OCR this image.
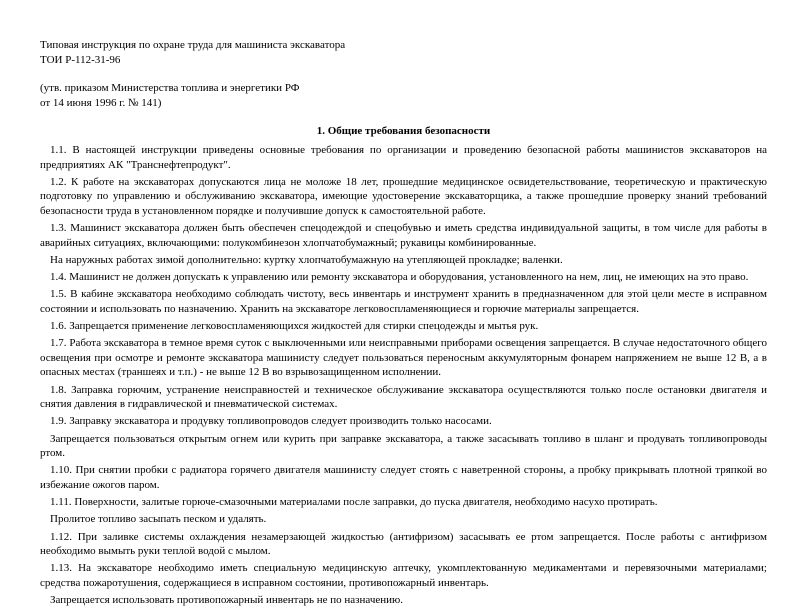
Типовая инструкция по охране труда для машиниста экскаватора

ТОИ Р-112-31-96

(утв. приказом Министерства топлива и энергетики РФ

от 14 июня 1996 г. № 141)

1. Общие требования безопасности

1.1. В настоящей инструкции приведены основные требования по организации и проведению безопасной работы машинистов экскаваторов на предприятиях АК "Транснефтепродукт".

1.2. К работе на экскаваторах допускаются лица не моложе 18 лет, прошедшие медицинское освидетельствование, теоретическую и практическую подготовку по управлению и обслуживанию экскаватора, имеющие удостоверение экскаваторщика, а также прошедшие проверку знаний требований безопасности труда в установленном порядке и получившие допуск к самостоятельной работе.

1.3. Машинист экскаватора должен быть обеспечен спецодеждой и спецобувью и иметь средства индивидуальной защиты, в том числе для работы в аварийных ситуациях, включающими: полукомбинезон хлопчатобумажный; рукавицы комбинированные.

На наружных работах зимой дополнительно: куртку хлопчатобумажную на утепляющей прокладке; валенки.

1.4. Машинист не должен допускать к управлению или ремонту экскаватора и оборудования, установленного на нем, лиц, не имеющих на это право.

1.5. В кабине экскаватора необходимо соблюдать чистоту, весь инвентарь и инструмент хранить в предназначенном для этой цели месте в исправном состоянии и использовать по назначению. Хранить на экскаваторе легковоспламеняющиеся и горючие материалы запрещается.

1.6. Запрещается применение легковоспламеняющихся жидкостей для стирки спецодежды и мытья рук.

1.7. Работа экскаватора в темное время суток с выключенными или неисправными приборами освещения запрещается. В случае недостаточного общего освещения при осмотре и ремонте экскаватора машинисту следует пользоваться переносным аккумуляторным фонарем напряжением не выше 12 В, а в опасных местах (траншеях и т.п.) - не выше 12 В во взрывозащищенном исполнении.

1.8. Заправка горючим, устранение неисправностей и техническое обслуживание экскаватора осуществляются только после остановки двигателя и снятия давления в гидравлической и пневматической системах.

1.9. Заправку экскаватора и продувку топливопроводов следует производить только насосами.

Запрещается пользоваться открытым огнем или курить при заправке экскаватора, а также засасывать топливо в шланг и продувать топливопроводы ртом.

1.10. При снятии пробки с радиатора горячего двигателя машинисту следует стоять с наветренной стороны, а пробку прикрывать плотной тряпкой во избежание ожогов паром.

1.11. Поверхности, залитые горюче-смазочными материалами после заправки, до пуска двигателя, необходимо насухо протирать.

Пролитое топливо засыпать песком и удалять.

1.12. При заливке системы охлаждения незамерзающей жидкостью (антифризом) засасывать ее ртом запрещается. После работы с антифризом необходимо вымыть руки теплой водой с мылом.

1.13. На экскаваторе необходимо иметь специальную медицинскую аптечку, укомплектованную медикаментами и перевязочными материалами; средства пожаротушения, содержащиеся в исправном состоянии, противопожарный инвентарь.

Запрещается использовать противопожарный инвентарь не по назначению.
